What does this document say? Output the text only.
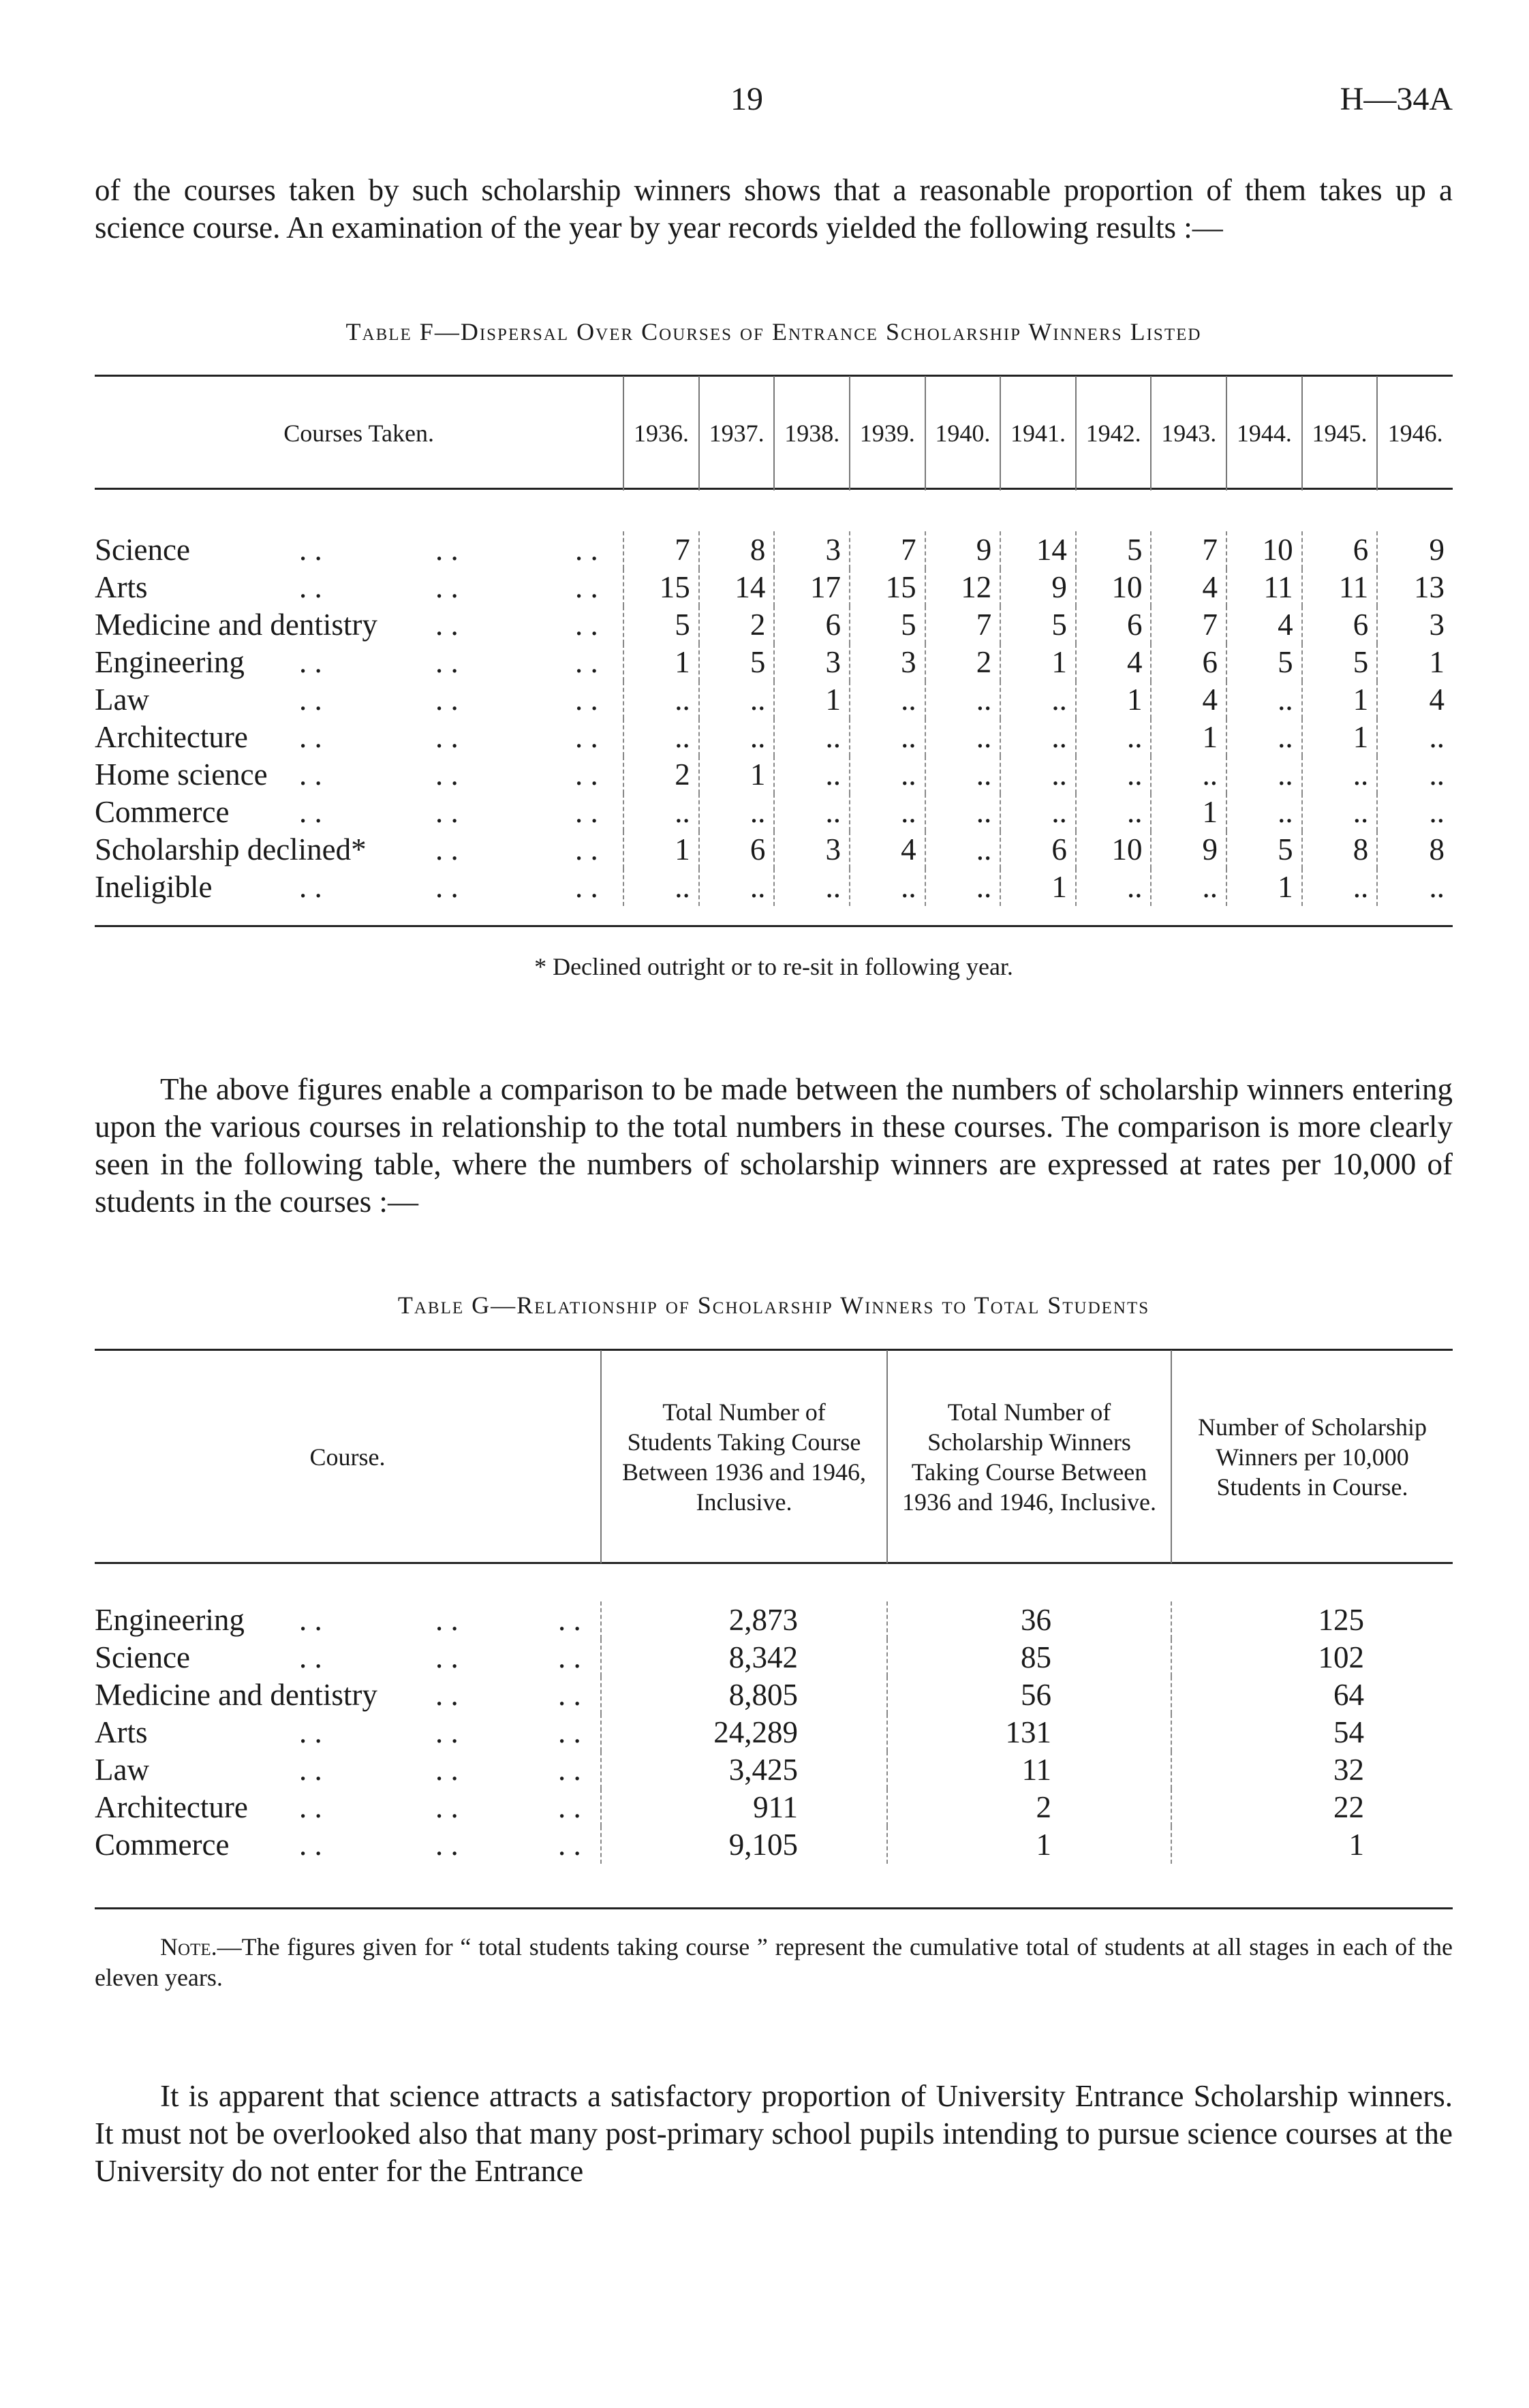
19	H—34A
of the courses taken by such scholarship winners shows that a reasonable proportion of them takes up a science course. An examination of the year by year records yielded the following results :—
Table F—Dispersal Over Courses of Entrance Scholarship Winners Listed
Courses Taken.	1936.	1937.	1938.	1939.	1940.	1941.	1942.	1943.	1944.	1945.	1946.

Science . . . . . .	7	8	3	7	9	14	5	7	10	6	9
Arts . . . . . .	15	14	17	15	12	9	10	4	11	11	13
Medicine and dentistry . . . .	5	2	6	5	7	5	6	7	4	6	3
Engineering . . . . . .	1	5	3	3	2	1	4	6	5	5	1
Law . . . . . .	..	..	1	..	..	..	1	4	..	1	4
Architecture . . . . . .	..	..	..	..	..	..	..	1	..	1	..
Home science . . . . . .	2	1	..	..	..	..	..	..	..	..	..
Commerce . . . . . .	..	..	..	..	..	..	..	1	..	..	..
Scholarship declined* . . . .	1	6	3	4	..	6	10	9	5	8	8
Ineligible . . . . . .	..	..	..	..	..	1	..	..	1	..	..

* Declined outright or to re-sit in following year.
The above figures enable a comparison to be made between the numbers of scholarship winners entering upon the various courses in relationship to the total numbers in these courses. The comparison is more clearly seen in the following table, where the numbers of scholarship winners are expressed at rates per 10,000 of students in the courses :—
Table G—Relationship of Scholarship Winners to Total Students
Course.	Total Number of Students Taking Course Between 1936 and 1946, Inclusive.	Total Number of Scholarship Winners Taking Course Between 1936 and 1946, Inclusive.	Number of Scholarship Winners per 10,000 Students in Course.

Engineering . . . . . .	2,873	36	125
Science . . . . . .	8,342	85	102
Medicine and dentistry . . . .	8,805	56	64
Arts . . . . . .	24,289	131	54
Law . . . . . .	3,425	11	32
Architecture . . . . . .	911	2	22
Commerce . . . . . .	9,105	1	1

Note.—The figures given for “ total students taking course ” represent the cumulative total of students at all stages in each of the eleven years.
It is apparent that science attracts a satisfactory proportion of University Entrance Scholarship winners. It must not be overlooked also that many post-primary school pupils intending to pursue science courses at the University do not enter for the Entrance
